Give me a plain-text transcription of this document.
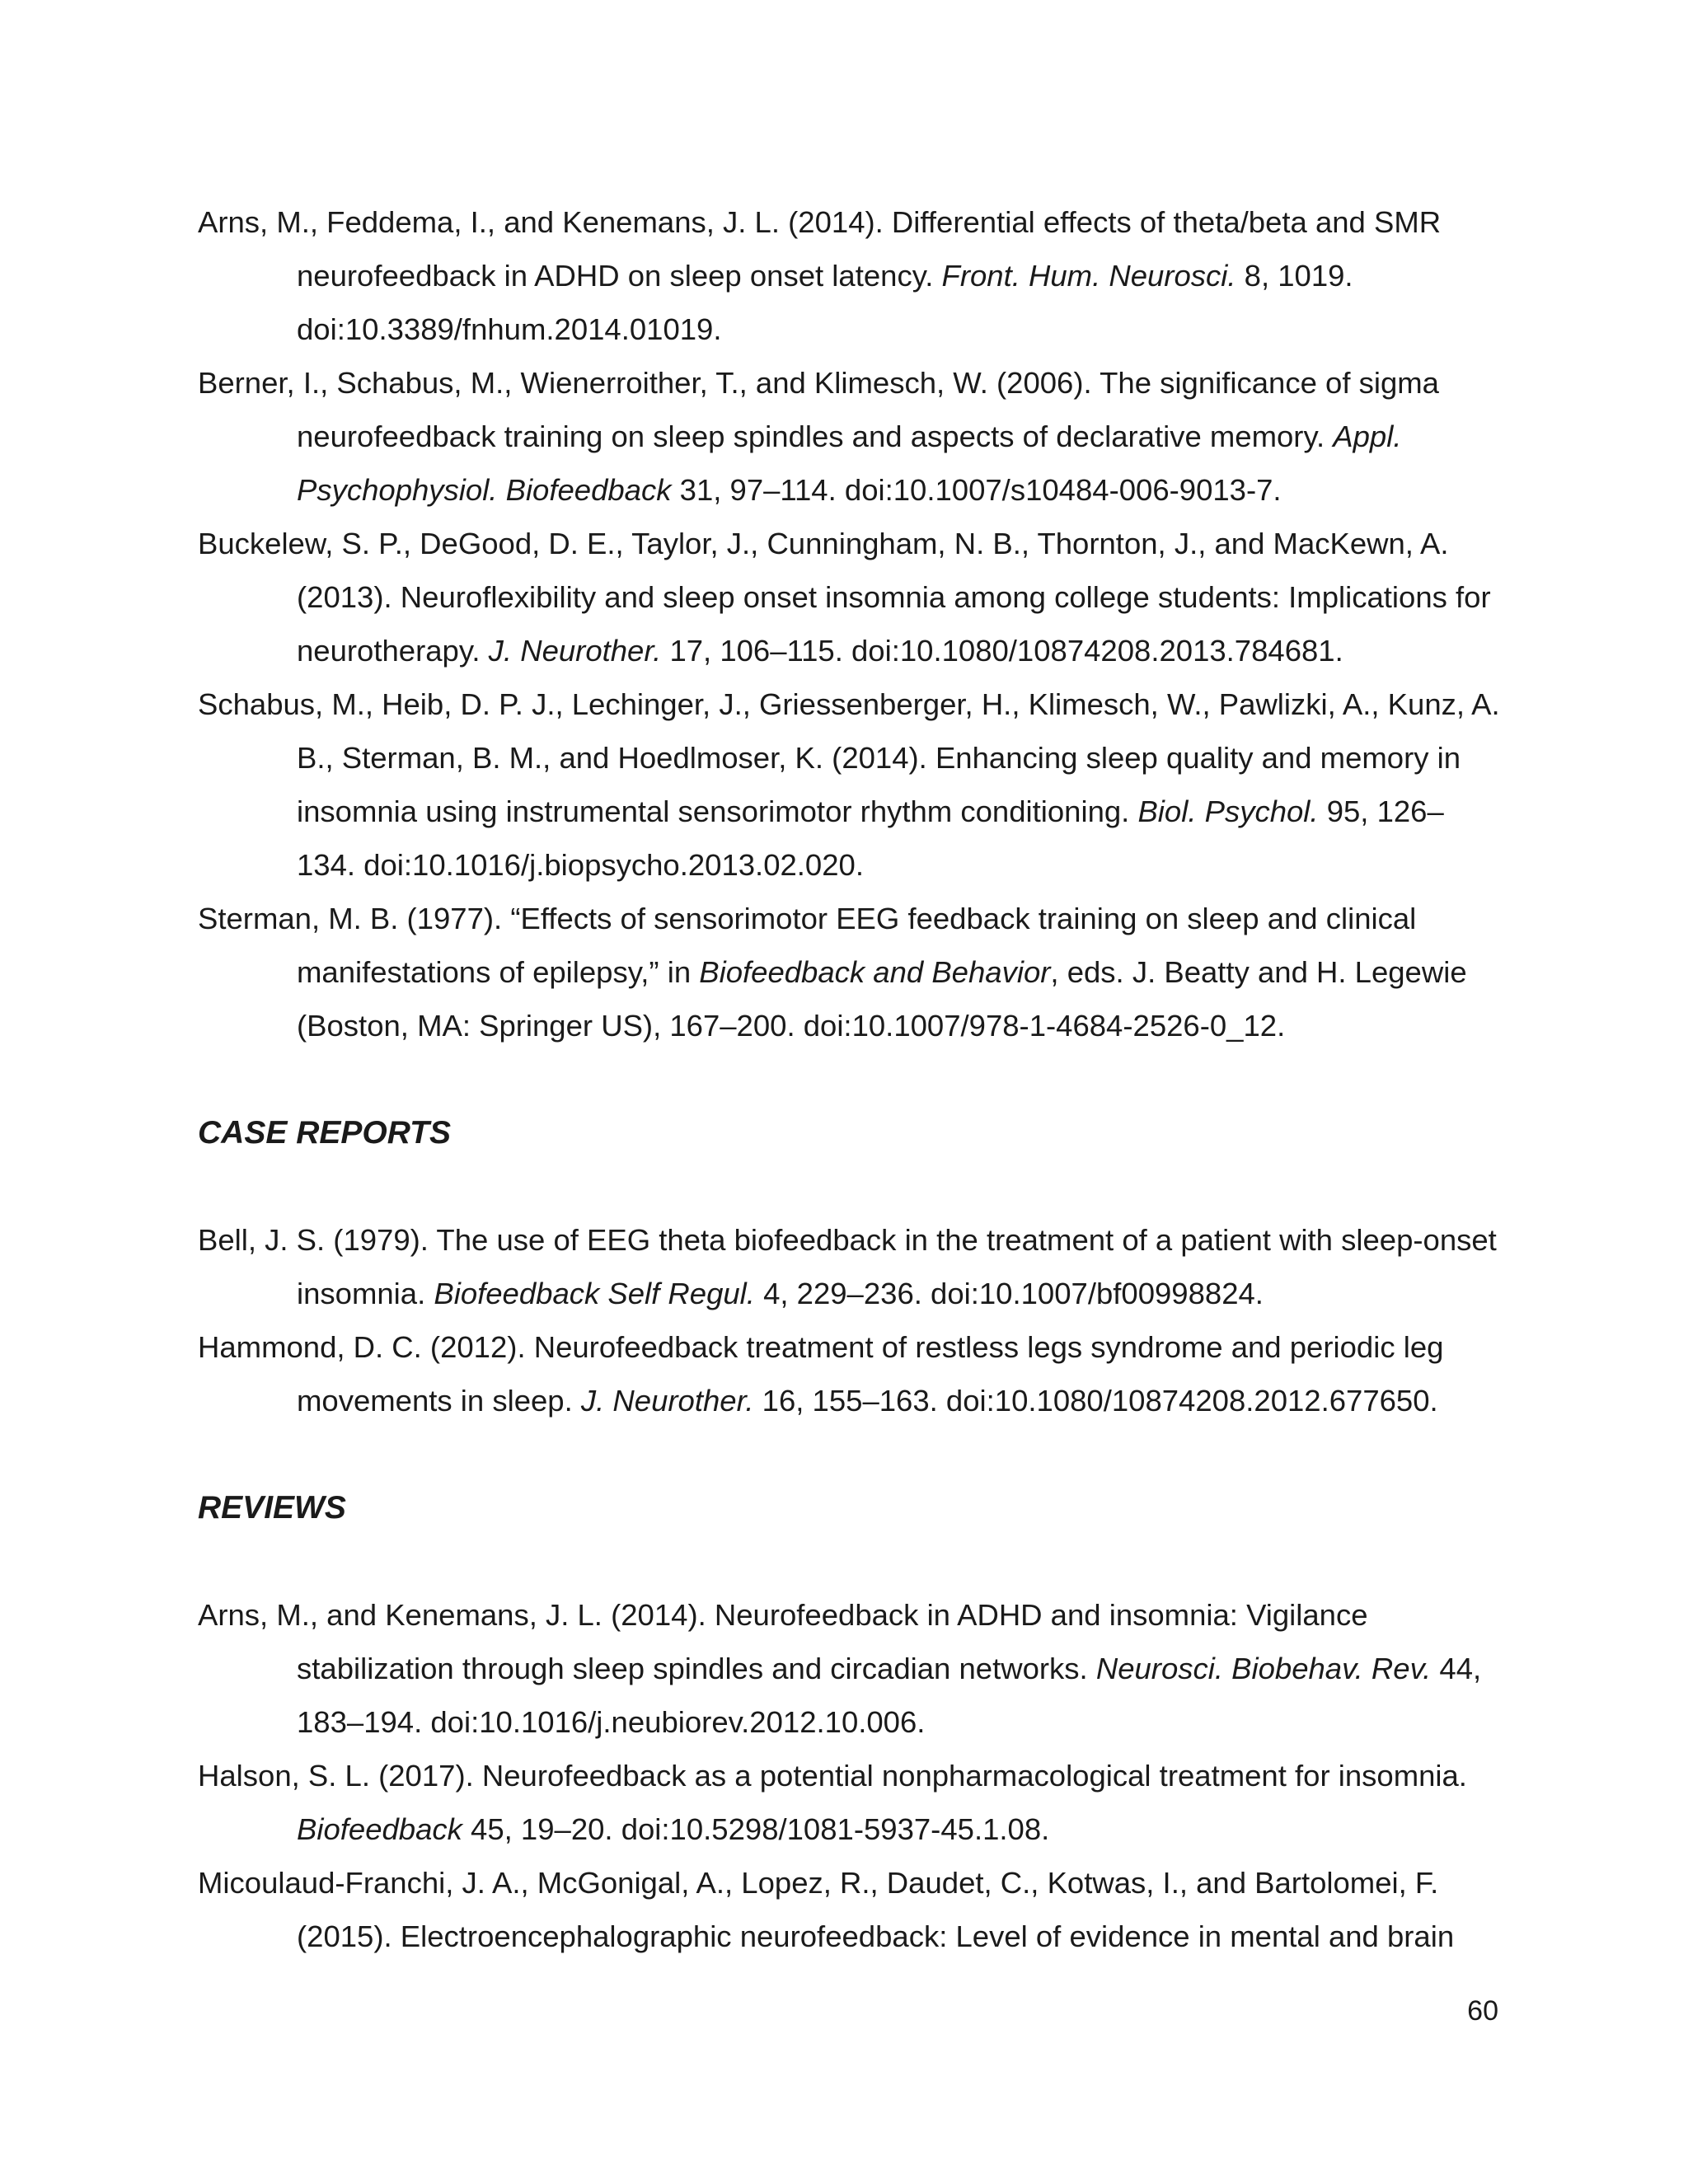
Arns, M., Feddema, I., and Kenemans, J. L. (2014). Differential effects of theta/beta and SMR neurofeedback in ADHD on sleep onset latency. Front. Hum. Neurosci. 8, 1019. doi:10.3389/fnhum.2014.01019.

Berner, I., Schabus, M., Wienerroither, T., and Klimesch, W. (2006). The significance of sigma neurofeedback training on sleep spindles and aspects of declarative memory. Appl. Psychophysiol. Biofeedback 31, 97–114. doi:10.1007/s10484-006-9013-7.

Buckelew, S. P., DeGood, D. E., Taylor, J., Cunningham, N. B., Thornton, J., and MacKewn, A. (2013). Neuroflexibility and sleep onset insomnia among college students: Implications for neurotherapy. J. Neurother. 17, 106–115. doi:10.1080/10874208.2013.784681.

Schabus, M., Heib, D. P. J., Lechinger, J., Griessenberger, H., Klimesch, W., Pawlizki, A., Kunz, A. B., Sterman, B. M., and Hoedlmoser, K. (2014). Enhancing sleep quality and memory in insomnia using instrumental sensorimotor rhythm conditioning. Biol. Psychol. 95, 126–134. doi:10.1016/j.biopsycho.2013.02.020.

Sterman, M. B. (1977). “Effects of sensorimotor EEG feedback training on sleep and clinical manifestations of epilepsy,” in Biofeedback and Behavior, eds. J. Beatty and H. Legewie (Boston, MA: Springer US), 167–200. doi:10.1007/978-1-4684-2526-0_12.

CASE REPORTS

Bell, J. S. (1979). The use of EEG theta biofeedback in the treatment of a patient with sleep-onset insomnia. Biofeedback Self Regul. 4, 229–236. doi:10.1007/bf00998824.

Hammond, D. C. (2012). Neurofeedback treatment of restless legs syndrome and periodic leg movements in sleep. J. Neurother. 16, 155–163. doi:10.1080/10874208.2012.677650.

REVIEWS

Arns, M., and Kenemans, J. L. (2014). Neurofeedback in ADHD and insomnia: Vigilance stabilization through sleep spindles and circadian networks. Neurosci. Biobehav. Rev. 44, 183–194. doi:10.1016/j.neubiorev.2012.10.006.

Halson, S. L. (2017). Neurofeedback as a potential nonpharmacological treatment for insomnia. Biofeedback 45, 19–20. doi:10.5298/1081-5937-45.1.08.

Micoulaud-Franchi, J. A., McGonigal, A., Lopez, R., Daudet, C., Kotwas, I., and Bartolomei, F. (2015). Electroencephalographic neurofeedback: Level of evidence in mental and brain

60
